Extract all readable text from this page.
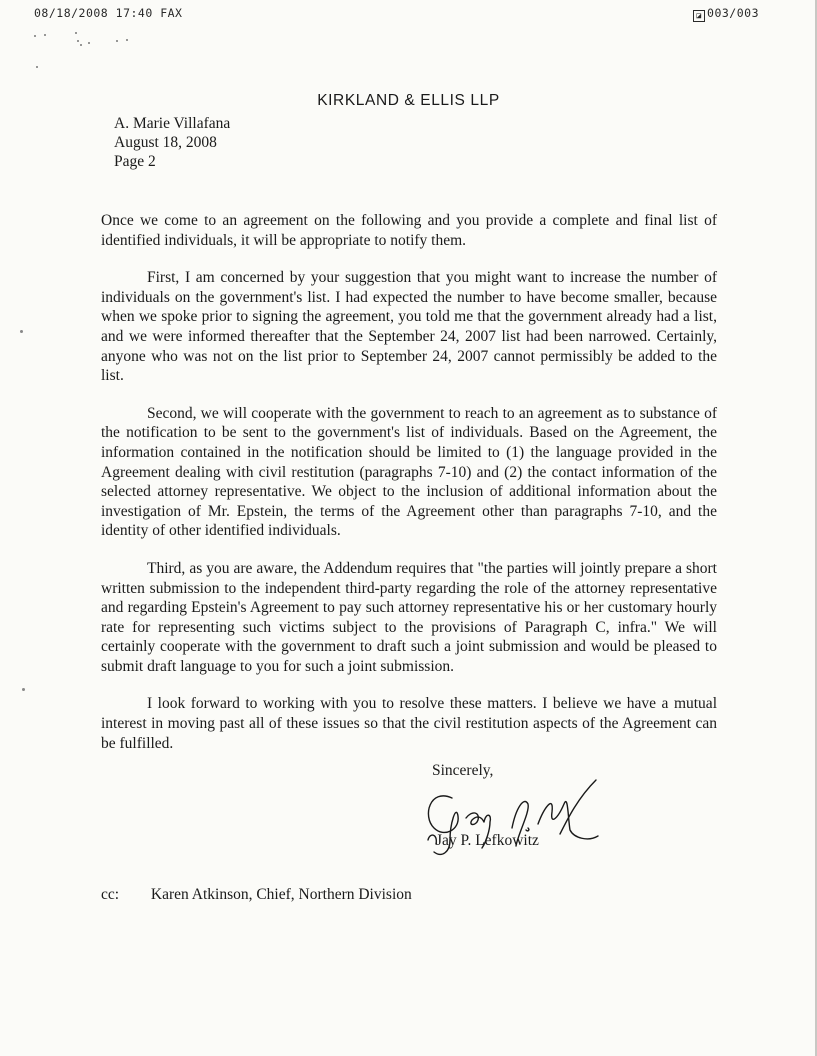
08/18/2008 17:40 FAX	◪ 003/003
KIRKLAND & ELLIS LLP
A. Marie Villafana
August 18, 2008
Page 2

Once we come to an agreement on the following and you provide a complete and final list of identified individuals, it will be appropriate to notify them.

First, I am concerned by your suggestion that you might want to increase the number of individuals on the government's list. I had expected the number to have become smaller, because when we spoke prior to signing the agreement, you told me that the government already had a list, and we were informed thereafter that the September 24, 2007 list had been narrowed. Certainly, anyone who was not on the list prior to September 24, 2007 cannot permissibly be added to the list.

Second, we will cooperate with the government to reach to an agreement as to substance of the notification to be sent to the government's list of individuals. Based on the Agreement, the information contained in the notification should be limited to (1) the language provided in the Agreement dealing with civil restitution (paragraphs 7-10) and (2) the contact information of the selected attorney representative. We object to the inclusion of additional information about the investigation of Mr. Epstein, the terms of the Agreement other than paragraphs 7-10, and the identity of other identified individuals.

Third, as you are aware, the Addendum requires that "the parties will jointly prepare a short written submission to the independent third-party regarding the role of the attorney representative and regarding Epstein's Agreement to pay such attorney representative his or her customary hourly rate for representing such victims subject to the provisions of Paragraph C, infra." We will certainly cooperate with the government to draft such a joint submission and would be pleased to submit draft language to you for such a joint submission.

I look forward to working with you to resolve these matters. I believe we have a mutual interest in moving past all of these issues so that the civil restitution aspects of the Agreement can be fulfilled.

Sincerely,
Jay P. Lefkowitz
cc: Karen Atkinson, Chief, Northern Division
